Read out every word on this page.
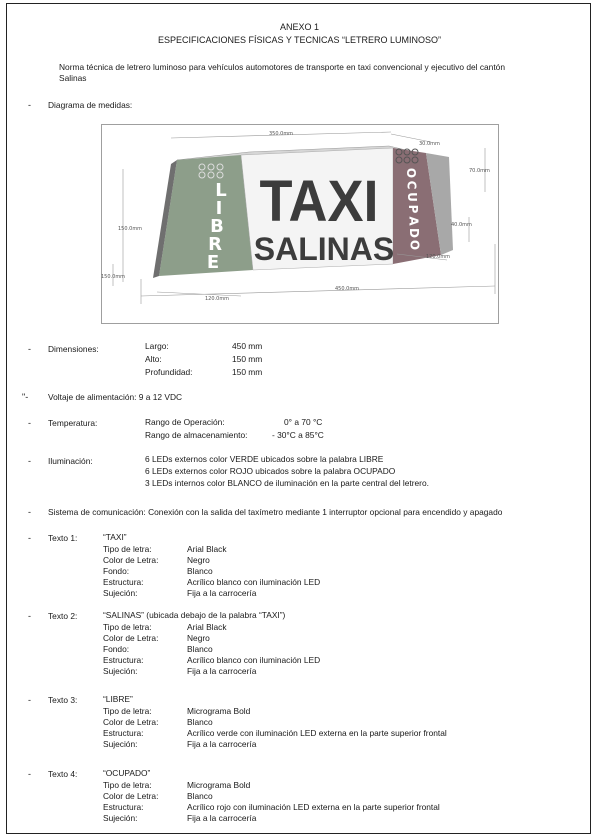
ANEXO 1
ESPECIFICACIONES FÍSICAS Y TECNICAS “LETRERO LUMINOSO”
Norma técnica de letrero luminoso para vehículos automotores de transporte en taxi convencional y ejecutivo del cantón
Salinas
- Diagrama de medidas:
TAXI
SALINAS
L
I
B
R
E
O
C
U
P
A
D
O
350.0mm
30.0mm
70.0mm
40.0mm
150.0mm
150.0mm
120.0mm
120.0mm
450.0mm
- Dimensiones:	Largo:	450 mm
Alto:	150 mm
Profundidad:	150 mm
"- Voltaje de alimentación: 9 a 12 VDC
- Temperatura:	Rango de Operación:	0° a 70 °C
Rango de almacenamiento:	- 30°C a 85°C
- Iluminación:	6 LEDs externos color VERDE ubicados sobre la palabra LIBRE
6 LEDs externos color ROJO ubicados sobre la palabra OCUPADO
3 LEDs internos color BLANCO de iluminación en la parte central del letrero.
- Sistema de comunicación: Conexión con la salida del taxímetro mediante 1 interruptor opcional para encendido y apagado
- Texto 1:	“TAXI”
Tipo de letra:	Arial Black
Color de Letra:	Negro
Fondo:	Blanco
Estructura:	Acrílico blanco con iluminación LED
Sujeción:	Fija a la carrocería
- Texto 2:	“SALINAS” (ubicada debajo de la palabra “TAXI”)
Tipo de letra:	Arial Black
Color de Letra:	Negro
Fondo:	Blanco
Estructura:	Acrílico blanco con iluminación LED
Sujeción:	Fija a la carrocería
- Texto 3:	“LIBRE”
Tipo de letra:	Micrograma Bold
Color de Letra:	Blanco
Estructura:	Acrílico verde con iluminación LED externa en la parte superior frontal
Sujeción:	Fija a la carrocería
- Texto 4:	“OCUPADO”
Tipo de letra:	Micrograma Bold
Color de Letra:	Blanco
Estructura:	Acrílico rojo con iluminación LED externa en la parte superior frontal
Sujeción:	Fija a la carrocería
